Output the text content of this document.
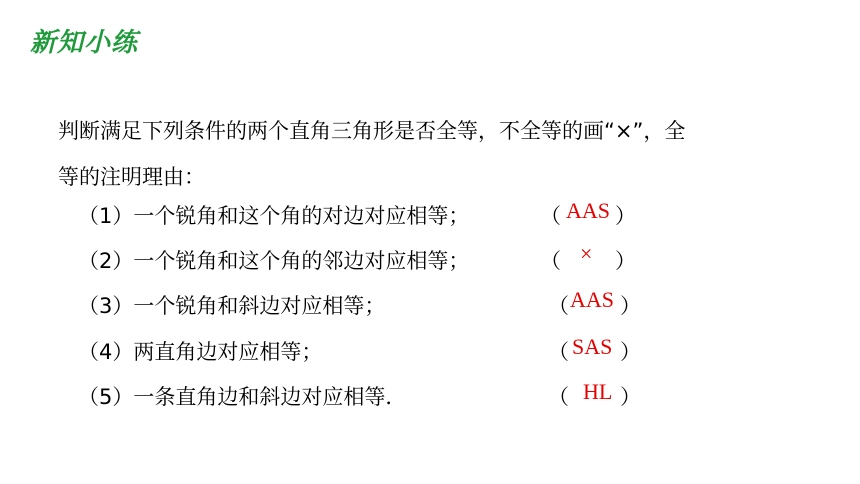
新知小练
判断满足下列条件的两个直角三角形是否全等，不全等的画“×”，全
等的注明理由：
（1）一个锐角和这个角的对边对应相等；	（ AAS ）
（2）一个锐角和这个角的邻边对应相等；	（ × ）
（3）一个锐角和斜边对应相等；	（ AAS ）
（4）两直角边对应相等；	（ SAS ）
（5）一条直角边和斜边对应相等．	（ HL ）
